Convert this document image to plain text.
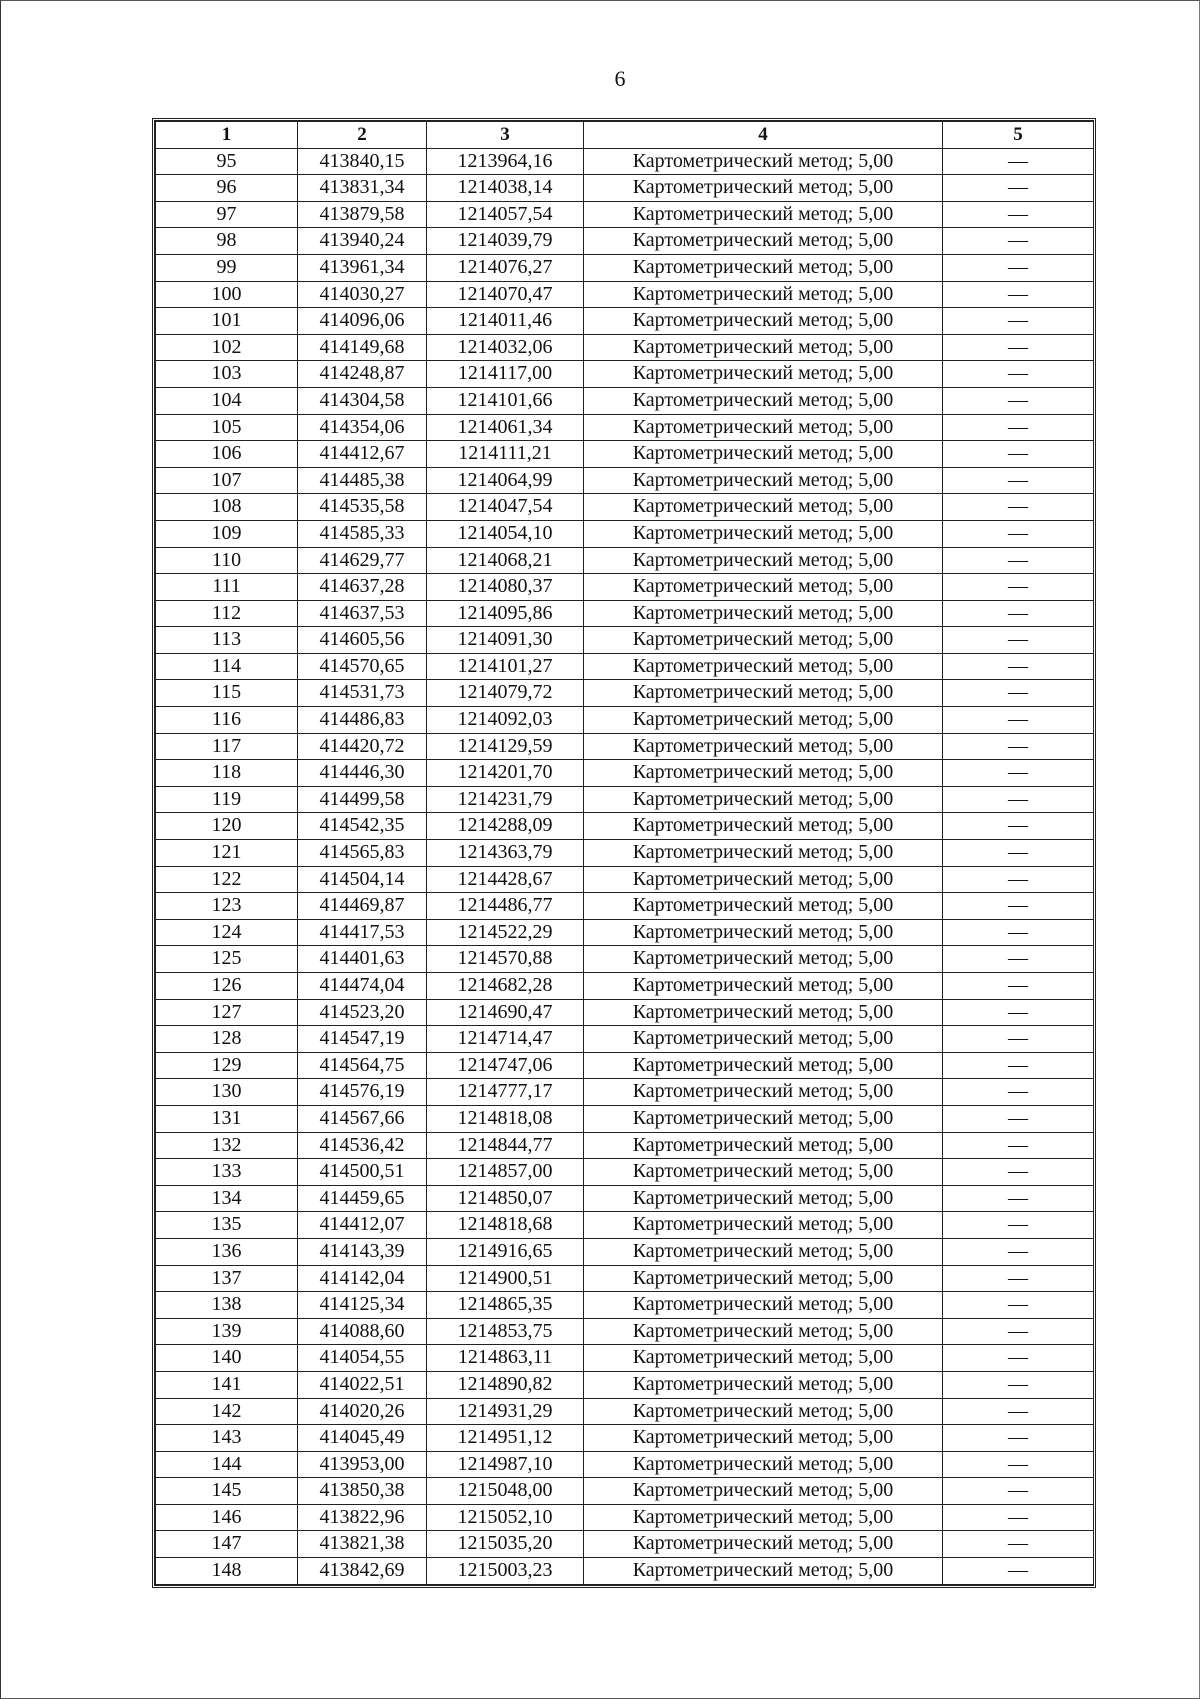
6
1	2	3	4	5
95	413840,15	1213964,16	Картометрический метод; 5,00	—
96	413831,34	1214038,14	Картометрический метод; 5,00	—
97	413879,58	1214057,54	Картометрический метод; 5,00	—
98	413940,24	1214039,79	Картометрический метод; 5,00	—
99	413961,34	1214076,27	Картометрический метод; 5,00	—
100	414030,27	1214070,47	Картометрический метод; 5,00	—
101	414096,06	1214011,46	Картометрический метод; 5,00	—
102	414149,68	1214032,06	Картометрический метод; 5,00	—
103	414248,87	1214117,00	Картометрический метод; 5,00	—
104	414304,58	1214101,66	Картометрический метод; 5,00	—
105	414354,06	1214061,34	Картометрический метод; 5,00	—
106	414412,67	1214111,21	Картометрический метод; 5,00	—
107	414485,38	1214064,99	Картометрический метод; 5,00	—
108	414535,58	1214047,54	Картометрический метод; 5,00	—
109	414585,33	1214054,10	Картометрический метод; 5,00	—
110	414629,77	1214068,21	Картометрический метод; 5,00	—
111	414637,28	1214080,37	Картометрический метод; 5,00	—
112	414637,53	1214095,86	Картометрический метод; 5,00	—
113	414605,56	1214091,30	Картометрический метод; 5,00	—
114	414570,65	1214101,27	Картометрический метод; 5,00	—
115	414531,73	1214079,72	Картометрический метод; 5,00	—
116	414486,83	1214092,03	Картометрический метод; 5,00	—
117	414420,72	1214129,59	Картометрический метод; 5,00	—
118	414446,30	1214201,70	Картометрический метод; 5,00	—
119	414499,58	1214231,79	Картометрический метод; 5,00	—
120	414542,35	1214288,09	Картометрический метод; 5,00	—
121	414565,83	1214363,79	Картометрический метод; 5,00	—
122	414504,14	1214428,67	Картометрический метод; 5,00	—
123	414469,87	1214486,77	Картометрический метод; 5,00	—
124	414417,53	1214522,29	Картометрический метод; 5,00	—
125	414401,63	1214570,88	Картометрический метод; 5,00	—
126	414474,04	1214682,28	Картометрический метод; 5,00	—
127	414523,20	1214690,47	Картометрический метод; 5,00	—
128	414547,19	1214714,47	Картометрический метод; 5,00	—
129	414564,75	1214747,06	Картометрический метод; 5,00	—
130	414576,19	1214777,17	Картометрический метод; 5,00	—
131	414567,66	1214818,08	Картометрический метод; 5,00	—
132	414536,42	1214844,77	Картометрический метод; 5,00	—
133	414500,51	1214857,00	Картометрический метод; 5,00	—
134	414459,65	1214850,07	Картометрический метод; 5,00	—
135	414412,07	1214818,68	Картометрический метод; 5,00	—
136	414143,39	1214916,65	Картометрический метод; 5,00	—
137	414142,04	1214900,51	Картометрический метод; 5,00	—
138	414125,34	1214865,35	Картометрический метод; 5,00	—
139	414088,60	1214853,75	Картометрический метод; 5,00	—
140	414054,55	1214863,11	Картометрический метод; 5,00	—
141	414022,51	1214890,82	Картометрический метод; 5,00	—
142	414020,26	1214931,29	Картометрический метод; 5,00	—
143	414045,49	1214951,12	Картометрический метод; 5,00	—
144	413953,00	1214987,10	Картометрический метод; 5,00	—
145	413850,38	1215048,00	Картометрический метод; 5,00	—
146	413822,96	1215052,10	Картометрический метод; 5,00	—
147	413821,38	1215035,20	Картометрический метод; 5,00	—
148	413842,69	1215003,23	Картометрический метод; 5,00	—
